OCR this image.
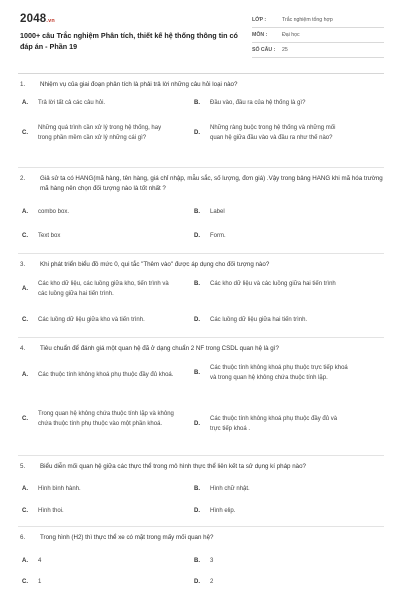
2048.vn
1000+ câu Trắc nghiệm Phân tích, thiết kế hệ thống thông tin có đáp án - Phần 19
LỚP :	Trắc nghiệm tổng hợp
MÔN :	Đại học
SỐ CÂU :	25
1.	Nhiệm vụ của giai đoạn phân tích là phải trả lời những câu hỏi loại nào?
A.	Trả lời tất cả các câu hỏi.	B.	Đầu vào, đầu ra của hệ thống là gì?
C.
Những quá trình cần xử lý trong hệ thống, hay trong phần mềm cần xử lý những cái gì?
D.
Những ràng buộc trong hệ thống và những mối quan hệ giữa đầu vào và đầu ra như thế nào?
2.	Giả sử ta có HANG(mã hàng, tên hàng, giá chỉ nhập, mẫu sắc, số lượng, đơn giá) .Vậy trong bảng HANG khi mã hóa trường mã hàng nên chọn đối tượng nào là tốt nhất ?
A.	combo box.	B.	Label
C.	Text box	D.	Form.
3.	Khi phát triển biểu đồ mức 0, qui tắc "Thêm vào" được áp dụng cho đối tượng nào?
A.
Các kho dữ liệu, các luồng giữa kho, tiến trình và các luồng giữa hai tiến trình.
B.	Các kho dữ liệu và các luồng giữa hai tiến trình
C.	Các luồng dữ liệu giữa kho và tiến trình.	D.	Các luồng dữ liệu giữa hai tiến trình.
4.	Tiêu chuẩn để đánh giá một quan hệ đã ở dạng chuẩn 2 NF trong CSDL quan hệ là gì?
A.	Các thuộc tính không khoá phụ thuộc đầy đủ khoá.	B.
Các thuộc tính không khoá phụ thuộc trực tiếp khoá và trong quan hệ không chứa thuộc tính lặp.
C.
Trong quan hệ không chứa thuộc tính lặp và không chứa thuộc tính phụ thuộc vào một phần khoá.	D.
Các thuộc tính không khoá phụ thuộc đầy đủ và trực tiếp khoá .
5.	Biểu diễn mối quan hệ giữa các thực thể trong mô hình thực thể liên kết ta sử dụng kí pháp nào?
A.	Hình bình hành.	B.	Hình chữ nhật.
C.	Hình thoi.	D.	Hình elip.
6.	Trong hình (H2) thì thực thể xe có mặt trong mấy mối quan hệ?
A.	4	B.	3
C.	1	D.	2
